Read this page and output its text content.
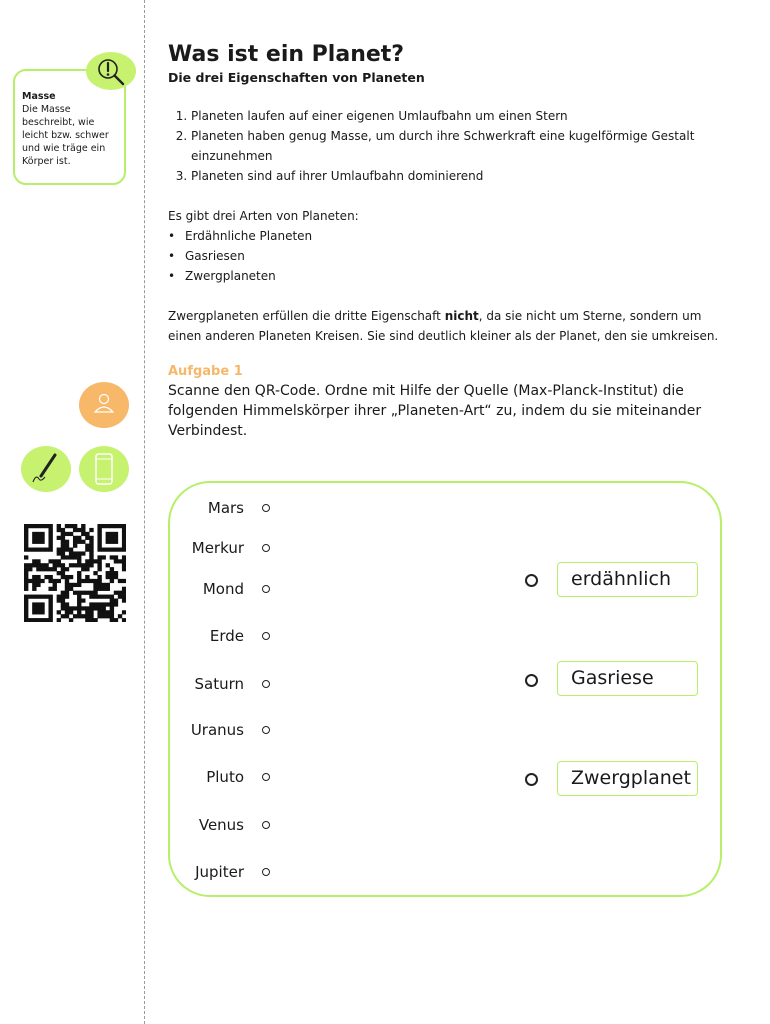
Masse
Die Masse beschreibt, wie leicht bzw. schwer und wie träge ein Körper ist.
Was ist ein Planet?
Die drei Eigenschaften von Planeten
1. Planeten laufen auf einer eigenen Umlaufbahn um einen Stern
2. Planeten haben genug Masse, um durch ihre Schwerkraft eine kugelförmige Gestalt einzunehmen
3. Planeten sind auf ihrer Umlaufbahn dominierend
Es gibt drei Arten von Planeten:
• Erdähnliche Planeten
• Gasriesen
• Zwergplaneten
Zwergplaneten erfüllen die dritte Eigenschaft nicht, da sie nicht um Sterne, sondern um einen anderen Planeten Kreisen. Sie sind deutlich kleiner als der Planet, den sie umkreisen.
Aufgabe 1
Scanne den QR-Code. Ordne mit Hilfe der Quelle (Max-Planck-Institut) die folgenden Himmelskörper ihrer „Planeten-Art“ zu, indem du sie miteinander Verbindest.
Mars
Merkur
Mond
Erde
Saturn
Uranus
Pluto
Venus
Jupiter
erdähnlich
Gasriese
Zwergplanet
